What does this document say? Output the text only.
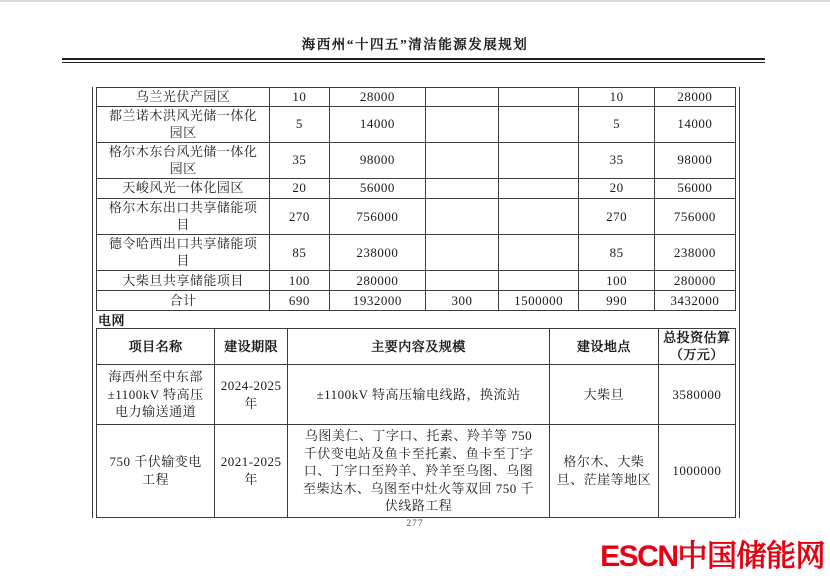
海西州“十四五”清洁能源发展规划
乌兰光伏产园区	10	28000			10	28000
都兰诺木洪风光储一体化园区	5	14000			5	14000
格尔木东台风光储一体化园区	35	98000			35	98000
天峻风光一体化园区	20	56000			20	56000
格尔木东出口共享储能项目	270	756000			270	756000
德令哈西出口共享储能项目	85	238000			85	238000
大柴旦共享储能项目	100	280000			100	280000
合计	690	1932000	300	1500000	990	3432000
电网
项目名称	建设期限	主要内容及规模	建设地点	总投资估算（万元）
海西州至中东部±1100kV 特高压电力输送通道	2024-2025 年	±1100kV 特高压输电线路，换流站	大柴旦	3580000
750 千伏输变电工程	2021-2025 年	乌图美仁、丁字口、托素、羚羊等 750 千伏变电站及鱼卡至托素、鱼卡至丁字口、丁字口至羚羊、羚羊至乌图、乌图至柴达木、乌图至中灶火等双回 750 千伏线路工程	格尔木、大柴旦、茫崖等地区	1000000
277
ESCN中国储能网
